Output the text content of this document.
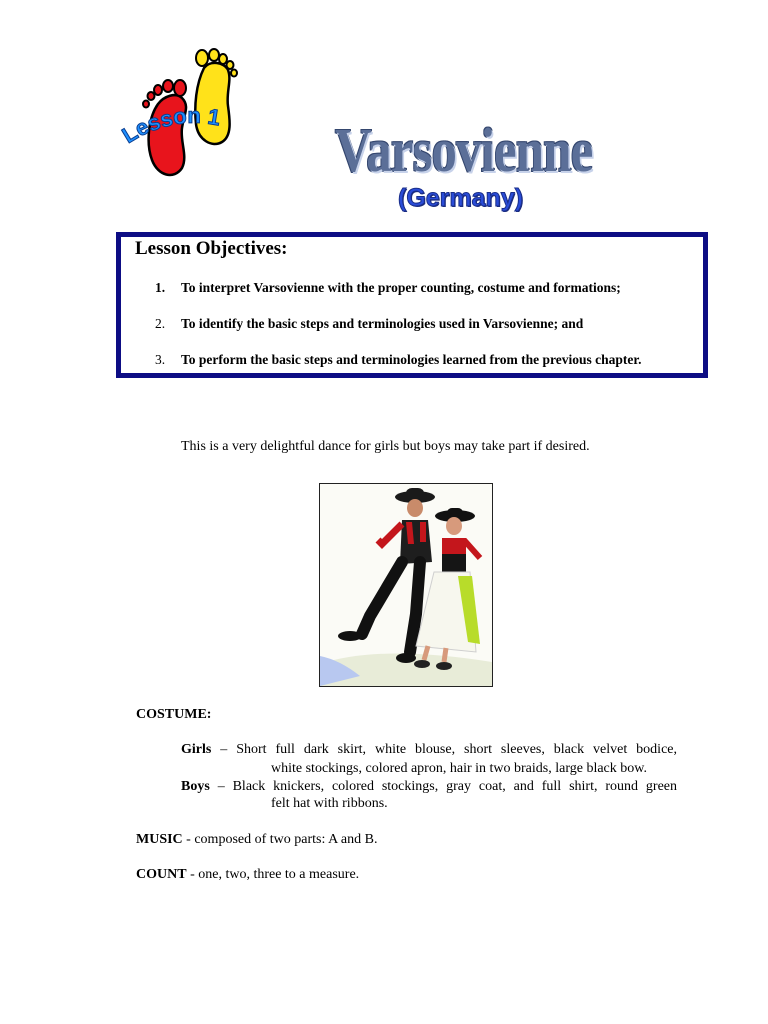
Lesson 1 Varsovienne
(Germany)
Lesson Objectives:
1. To interpret Varsovienne with the proper counting, costume and formations;
2. To identify the basic steps and terminologies used in Varsovienne; and
3. To perform the basic steps and terminologies learned from the previous chapter.
This is a very delightful dance for girls but boys may take part if desired.
COSTUME:
Girls – Short full dark skirt, white blouse, short sleeves, black velvet bodice,
white stockings, colored apron, hair in two braids, large black bow.
Boys – Black knickers, colored stockings, gray coat, and full shirt, round green
felt hat with ribbons.
MUSIC - composed of two parts: A and B.
COUNT - one, two, three to a measure.
